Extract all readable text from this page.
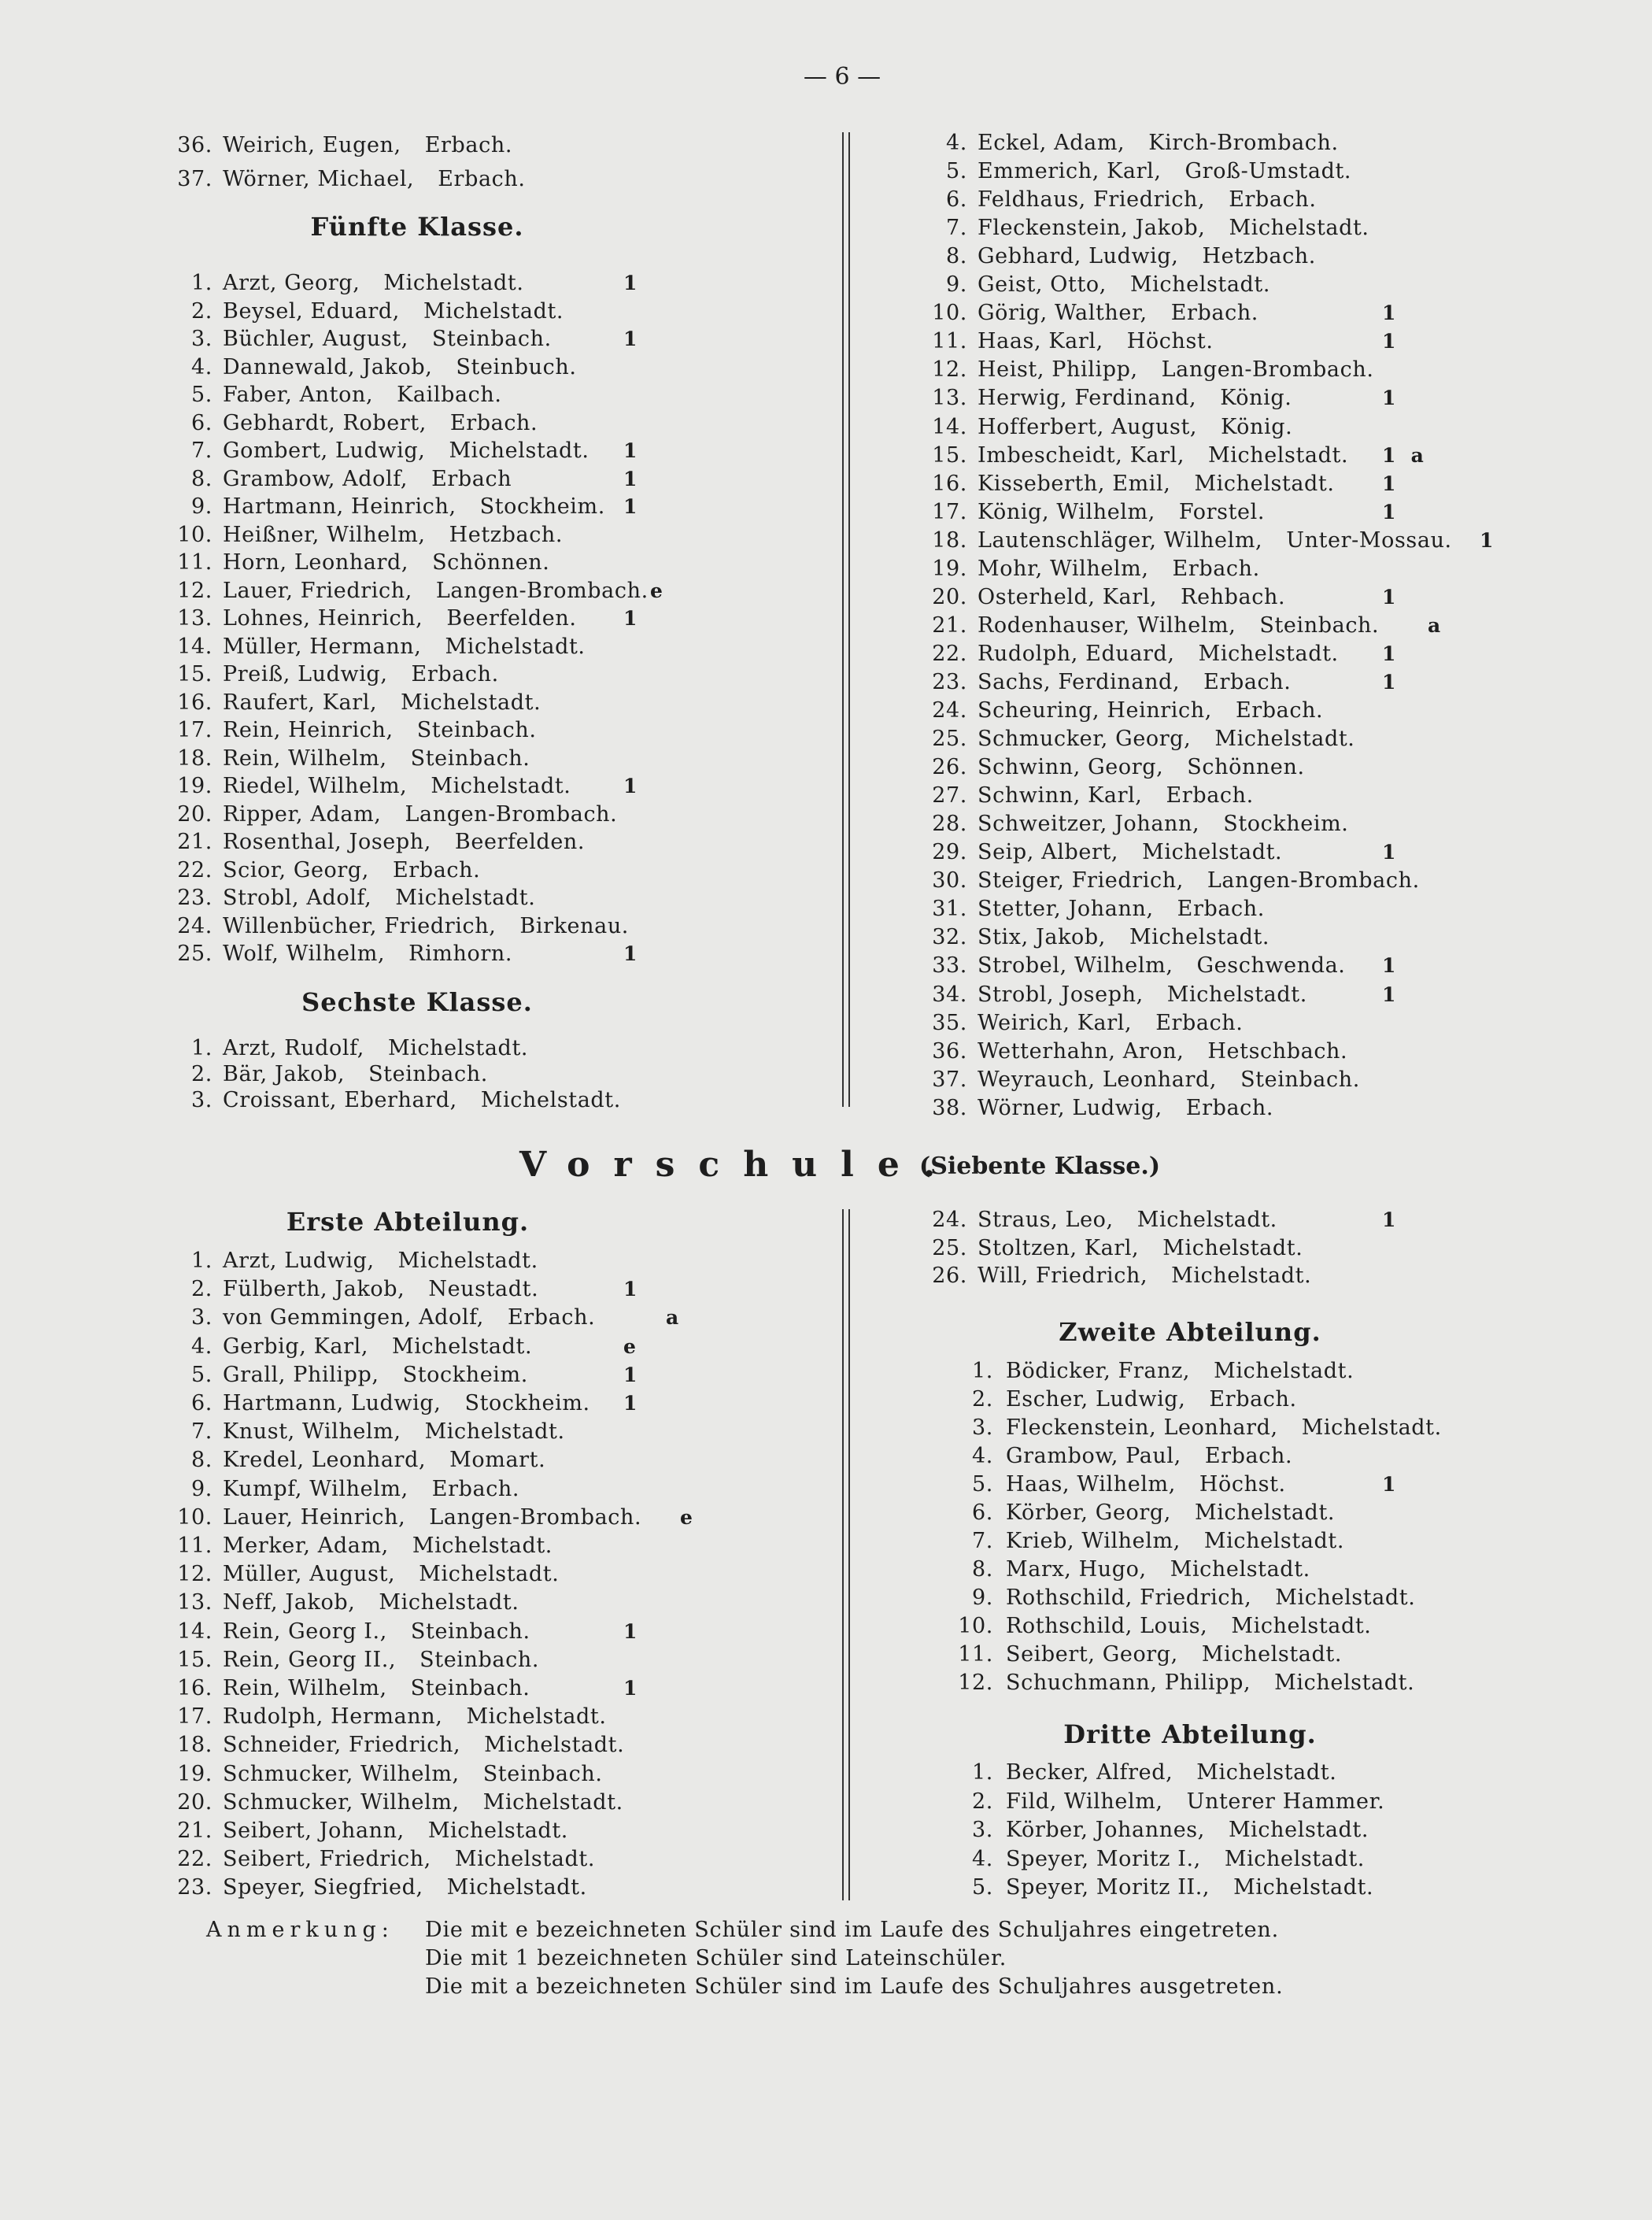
— 6 —
Vorschule.
(Siebente Klasse.)
36. Weirich, Eugen, Erbach.
37. Wörner, Michael, Erbach.
Fünfte Klasse.
1. Arzt, Georg, Michelstadt.	1
2. Beysel, Eduard, Michelstadt.
3. Büchler, August, Steinbach.	1
4. Dannewald, Jakob, Steinbuch.
5. Faber, Anton, Kailbach.
6. Gebhardt, Robert, Erbach.
7. Gombert, Ludwig, Michelstadt. 1
8. Grambow, Adolf, Erbach	1
9. Hartmann, Heinrich, Stockheim. 1
10. Heißner, Wilhelm, Hetzbach.
11. Horn, Leonhard, Schönnen.
12. Lauer, Friedrich, Langen-Brombach. e
13. Lohnes, Heinrich, Beerfelden. 1
14. Müller, Hermann, Michelstadt.
15. Preiß, Ludwig, Erbach.
16. Raufert, Karl, Michelstadt.
17. Rein, Heinrich, Steinbach.
18. Rein, Wilhelm, Steinbach.
19. Riedel, Wilhelm, Michelstadt.	1
20. Ripper, Adam, Langen-Brombach.
21. Rosenthal, Joseph, Beerfelden.
22. Scior, Georg, Erbach.
23. Strobl, Adolf, Michelstadt.
24. Willenbücher, Friedrich, Birkenau.
25. Wolf, Wilhelm, Rimhorn.	1
Sechste Klasse.
1. Arzt, Rudolf, Michelstadt.
2. Bär, Jakob, Steinbach.
3. Croissant, Eberhard, Michelstadt.
4. Eckel, Adam, Kirch-Brombach.
5. Emmerich, Karl, Groß-Umstadt.
6. Feldhaus, Friedrich, Erbach.
7. Fleckenstein, Jakob, Michelstadt.
8. Gebhard, Ludwig, Hetzbach.
9. Geist, Otto, Michelstadt.
10. Görig, Walther, Erbach.	1
11. Haas, Karl, Höchst.	1
12. Heist, Philipp, Langen-Brombach.
13. Herwig, Ferdinand, König.	1
14. Hofferbert, August, König.
15. Imbescheidt, Karl, Michelstadt. 1  a
16. Kisseberth, Emil, Michelstadt. 1
17. König, Wilhelm, Forstel.	1
18. Lautenschläger, Wilhelm, Unter-Mossau. 1
19. Mohr, Wilhelm, Erbach.
20. Osterheld, Karl, Rehbach.	1
21. Rodenhauser, Wilhelm, Steinbach. a
22. Rudolph, Eduard, Michelstadt. 1
23. Sachs, Ferdinand, Erbach.	1
24. Scheuring, Heinrich, Erbach.
25. Schmucker, Georg, Michelstadt.
26. Schwinn, Georg, Schönnen.
27. Schwinn, Karl, Erbach.
28. Schweitzer, Johann, Stockheim.
29. Seip, Albert, Michelstadt.	1
30. Steiger, Friedrich, Langen-Brombach.
31. Stetter, Johann, Erbach.
32. Stix, Jakob, Michelstadt.
33. Strobel, Wilhelm, Geschwenda. 1
34. Strobl, Joseph, Michelstadt.	1
35. Weirich, Karl, Erbach.
36. Wetterhahn, Aron, Hetschbach.
37. Weyrauch, Leonhard, Steinbach.
38. Wörner, Ludwig, Erbach.
Erste Abteilung.
1. Arzt, Ludwig, Michelstadt.
2. Fülberth, Jakob, Neustadt.	1
3. von Gemmingen, Adolf, Erbach.	a
4. Gerbig, Karl, Michelstadt.	e
5. Grall, Philipp, Stockheim.	1
6. Hartmann, Ludwig, Stockheim. 1
7. Knust, Wilhelm, Michelstadt.
8. Kredel, Leonhard, Momart.
9. Kumpf, Wilhelm, Erbach.
10. Lauer, Heinrich, Langen-Brombach. e
11. Merker, Adam, Michelstadt.
12. Müller, August, Michelstadt.
13. Neff, Jakob, Michelstadt.
14. Rein, Georg I., Steinbach.	1
15. Rein, Georg II., Steinbach.
16. Rein, Wilhelm, Steinbach.	1
17. Rudolph, Hermann, Michelstadt.
18. Schneider, Friedrich, Michelstadt.
19. Schmucker, Wilhelm, Steinbach.
20. Schmucker, Wilhelm, Michelstadt.
21. Seibert, Johann, Michelstadt.
22. Seibert, Friedrich, Michelstadt.
23. Speyer, Siegfried, Michelstadt.
24. Straus, Leo, Michelstadt.	1
25. Stoltzen, Karl, Michelstadt.
26. Will, Friedrich, Michelstadt.
Zweite Abteilung.
1. Bödicker, Franz, Michelstadt.
2. Escher, Ludwig, Erbach.
3. Fleckenstein, Leonhard, Michelstadt.
4. Grambow, Paul, Erbach.
5. Haas, Wilhelm, Höchst.	1
6. Körber, Georg, Michelstadt.
7. Krieb, Wilhelm, Michelstadt.
8. Marx, Hugo, Michelstadt.
9. Rothschild, Friedrich, Michelstadt.
10. Rothschild, Louis, Michelstadt.
11. Seibert, Georg, Michelstadt.
12. Schuchmann, Philipp, Michelstadt.
Dritte Abteilung.
1. Becker, Alfred, Michelstadt.
2. Fild, Wilhelm, Unterer Hammer.
3. Körber, Johannes, Michelstadt.
4. Speyer, Moritz I., Michelstadt.
5. Speyer, Moritz II., Michelstadt.
Anmerkung: Die mit e bezeichneten Schüler sind im Laufe des Schuljahres eingetreten.
Die mit 1 bezeichneten Schüler sind Lateinschüler.
Die mit a bezeichneten Schüler sind im Laufe des Schuljahres ausgetreten.
